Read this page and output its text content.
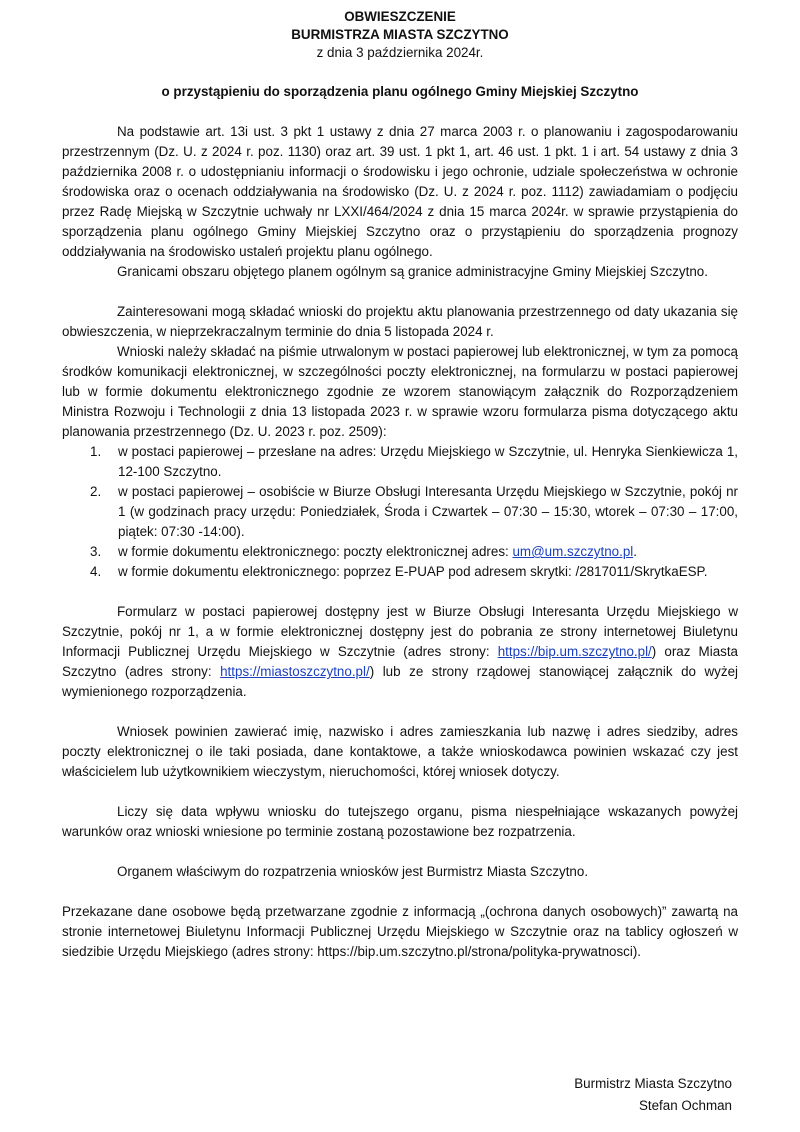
OBWIESZCZENIE
BURMISTRZA MIASTA SZCZYTNO
z dnia 3 października 2024r.
o przystąpieniu do sporządzenia planu ogólnego Gminy Miejskiej Szczytno

Na podstawie art. 13i ust. 3 pkt 1 ustawy z dnia 27 marca 2003 r. o planowaniu i zagospodarowaniu przestrzennym (Dz. U. z 2024 r. poz. 1130) oraz art. 39 ust. 1 pkt 1, art. 46 ust. 1 pkt. 1 i art. 54 ustawy z dnia 3 października 2008 r. o udostępnianiu informacji o środowisku i jego ochronie, udziale społeczeństwa w ochronie środowiska oraz o ocenach oddziaływania na środowisko (Dz. U. z 2024 r. poz. 1112) zawiadamiam o podjęciu przez Radę Miejską w Szczytnie uchwały nr LXXI/464/2024 z dnia 15 marca 2024r. w sprawie przystąpienia do sporządzenia planu ogólnego Gminy Miejskiej Szczytno oraz o przystąpieniu do sporządzenia prognozy oddziaływania na środowisko ustaleń projektu planu ogólnego.

Granicami obszaru objętego planem ogólnym są granice administracyjne Gminy Miejskiej Szczytno.

Zainteresowani mogą składać wnioski do projektu aktu planowania przestrzennego od daty ukazania się obwieszczenia, w nieprzekraczalnym terminie do dnia 5 listopada 2024 r.

Wnioski należy składać na piśmie utrwalonym w postaci papierowej lub elektronicznej, w tym za pomocą środków komunikacji elektronicznej, w szczególności poczty elektronicznej, na formularzu w postaci papierowej lub w formie dokumentu elektronicznego zgodnie ze wzorem stanowiącym załącznik do Rozporządzeniem Ministra Rozwoju i Technologii z dnia 13 listopada 2023 r. w sprawie wzoru formularza pisma dotyczącego aktu planowania przestrzennego (Dz. U. 2023 r. poz. 2509):

1. w postaci papierowej – przesłane na adres: Urzędu Miejskiego w Szczytnie, ul. Henryka Sienkiewicza 1, 12-100 Szczytno.
2. w postaci papierowej – osobiście w Biurze Obsługi Interesanta Urzędu Miejskiego w Szczytnie, pokój nr 1 (w godzinach pracy urzędu: Poniedziałek, Środa i Czwartek – 07:30 – 15:30, wtorek – 07:30 – 17:00, piątek: 07:30 -14:00).
3. w formie dokumentu elektronicznego: poczty elektronicznej adres: um@um.szczytno.pl.
4. w formie dokumentu elektronicznego: poprzez E-PUAP pod adresem skrytki: /2817011/SkrytkaESP.

Formularz w postaci papierowej dostępny jest w Biurze Obsługi Interesanta Urzędu Miejskiego w Szczytnie, pokój nr 1, a w formie elektronicznej dostępny jest do pobrania ze strony internetowej Biuletynu Informacji Publicznej Urzędu Miejskiego w Szczytnie (adres strony: https://bip.um.szczytno.pl/) oraz Miasta Szczytno (adres strony: https://miastoszczytno.pl/) lub ze strony rządowej stanowiącej załącznik do wyżej wymienionego rozporządzenia.

Wniosek powinien zawierać imię, nazwisko i adres zamieszkania lub nazwę i adres siedziby, adres poczty elektronicznej o ile taki posiada, dane kontaktowe, a także wnioskodawca powinien wskazać czy jest właścicielem lub użytkownikiem wieczystym, nieruchomości, której wniosek dotyczy.

Liczy się data wpływu wniosku do tutejszego organu, pisma niespełniające wskazanych powyżej warunków oraz wnioski wniesione po terminie zostaną pozostawione bez rozpatrzenia.

Organem właściwym do rozpatrzenia wniosków jest Burmistrz Miasta Szczytno.

Przekazane dane osobowe będą przetwarzane zgodnie z informacją „(ochrona danych osobowych)” zawartą na stronie internetowej Biuletynu Informacji Publicznej Urzędu Miejskiego w Szczytnie oraz na tablicy ogłoszeń w siedzibie Urzędu Miejskiego (adres strony: https://bip.um.szczytno.pl/strona/polityka-prywatnosci).

Burmistrz Miasta Szczytno
Stefan Ochman
